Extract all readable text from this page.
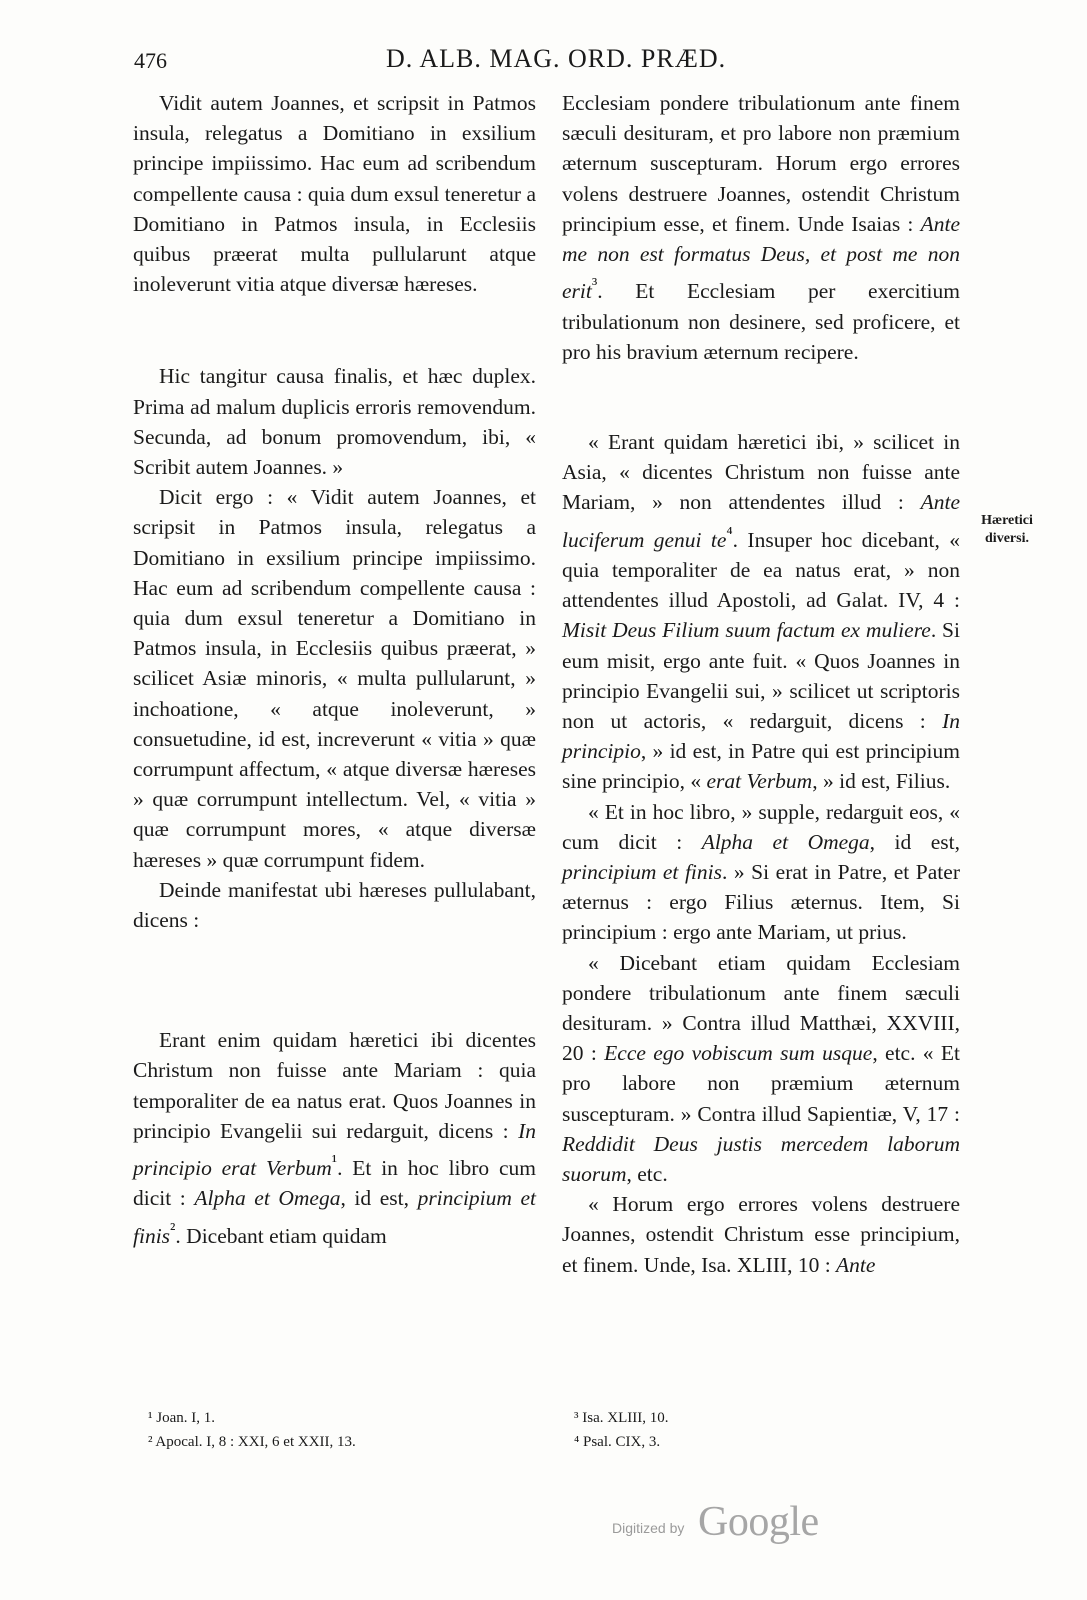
476	D. ALB. MAG. ORD. PRÆD.

Vidit autem Joannes, et scripsit in Patmos insula, relegatus a Domitiano in exsilium principe impiissimo. Hac eum ad scribendum compellente causa : quia dum exsul teneretur a Domitiano in Patmos insula, in Ecclesiis quibus præerat multa pullularunt atque inoleverunt vitia atque diversæ hæreses.

Hic tangitur causa finalis, et hæc duplex. Prima ad malum duplicis erroris removendum. Secunda, ad bonum promovendum, ibi, « Scribit autem Joannes. »

Dicit ergo : « Vidit autem Joannes, et scripsit in Patmos insula, relegatus a Domitiano in exsilium principe impiissimo. Hac eum ad scribendum compellente causa : quia dum exsul teneretur a Domitiano in Patmos insula, in Ecclesiis quibus præerat, » scilicet Asiæ minoris, « multa pullularunt, » inchoatione, « atque inoleverunt, » consuetudine, id est, increverunt « vitia » quæ corrumpunt affectum, « atque diversæ hæreses » quæ corrumpunt intellectum. Vel, « vitia » quæ corrumpunt mores, « atque diversæ hæreses » quæ corrumpunt fidem.

Deinde manifestat ubi hæreses pullulabant, dicens :

Erant enim quidam hæretici ibi dicentes Christum non fuisse ante Mariam : quia temporaliter de ea natus erat. Quos Joannes in principio Evangelii sui redarguit, dicens : In principio erat Verbum$^{^1}$. Et in hoc libro cum dicit : Alpha et Omega, id est, principium et finis$^{^2}$. Dicebant etiam quidam

Ecclesiam pondere tribulationum ante finem sæculi desituram, et pro labore non præmium æternum suscepturam. Horum ergo errores volens destruere Joannes, ostendit Christum principium esse, et finem. Unde Isaias : Ante me non est formatus Deus, et post me non erit$^{^3}$. Et Ecclesiam per exercitium tribulationum non desinere, sed proficere, et pro his bravium æternum recipere.

« Erant quidam hæretici ibi, » scilicet in Asia, « dicentes Christum non fuisse ante Mariam, » non attendentes illud : Ante luciferum genui $te^{^4}$. Insuper hoc dicebant, « quia temporaliter de ea natus erat, » non attendentes illud Apostoli, ad Galat. IV, 4 : Misit Deus Filium suum factum ex muliere. Si eum misit, ergo ante fuit. « Quos Joannes in principio Evangelii sui, » scilicet ut scriptoris non ut actoris, « redarguit, dicens : In principio, » id est, in Patre qui est principium sine principio, « erat Verbum, » id est, Filius.

« Et in hoc libro, » supple, redarguit eos, « cum dicit : Alpha et Omega, id est, principium et finis. » Si erat in Patre, et Pater æternus : ergo Filius æternus. Item, Si principium : ergo ante Mariam, ut prius.

« Dicebant etiam quidam Ecclesiam pondere tribulationum ante finem sæculi desituram. » Contra illud Matthæi, XXVIII, 20 : Ecce ego vobiscum sum usque, etc. « Et pro labore non præmium æternum suscepturam. » Contra illud Sapientiæ, V, 17 : Reddidit Deus justis mercedem laborum suorum, etc.

« Horum ergo errores volens destruere Joannes, ostendit Christum esse principium, et finem. Unde, Isa. XLIII, 10 : Ante

Hæretici
diversi.
¹ Joan. I, 1.
² Apocal. I, 8 : XXI, 6 et XXII, 13.
³ Isa. XLIII, 10.
⁴ Psal. CIX, 3.
Digitized by Google
